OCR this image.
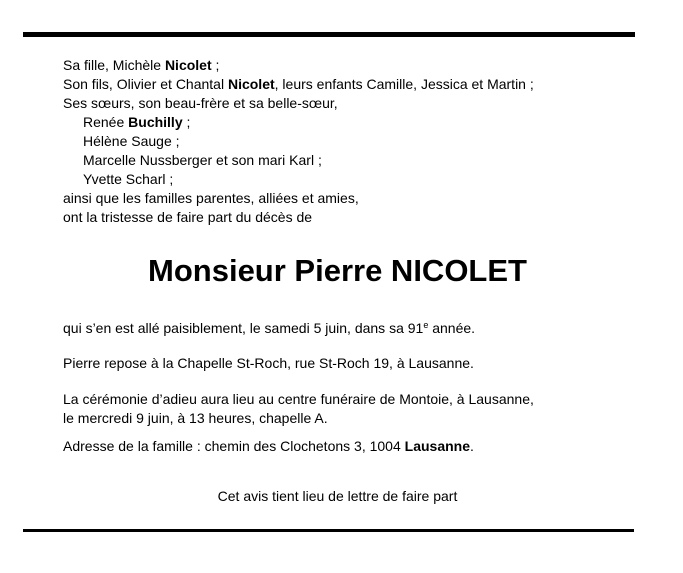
Sa fille, Michèle Nicolet ;

Son fils, Olivier et Chantal Nicolet, leurs enfants Camille, Jessica et Martin ;

Ses sœurs, son beau-frère et sa belle-sœur,

Renée Buchilly ;

Hélène Sauge ;

Marcelle Nussberger et son mari Karl ;

Yvette Scharl ;

ainsi que les familles parentes, alliées et amies,

ont la tristesse de faire part du décès de

Monsieur Pierre NICOLET

qui s’en est allé paisiblement, le samedi 5 juin, dans sa 91e année.

Pierre repose à la Chapelle St-Roch, rue St-Roch 19, à Lausanne.

La cérémonie d’adieu aura lieu au centre funéraire de Montoie, à Lausanne,

le mercredi 9 juin, à 13 heures, chapelle A.

Adresse de la famille : chemin des Clochetons 3, 1004 Lausanne.

Cet avis tient lieu de lettre de faire part
